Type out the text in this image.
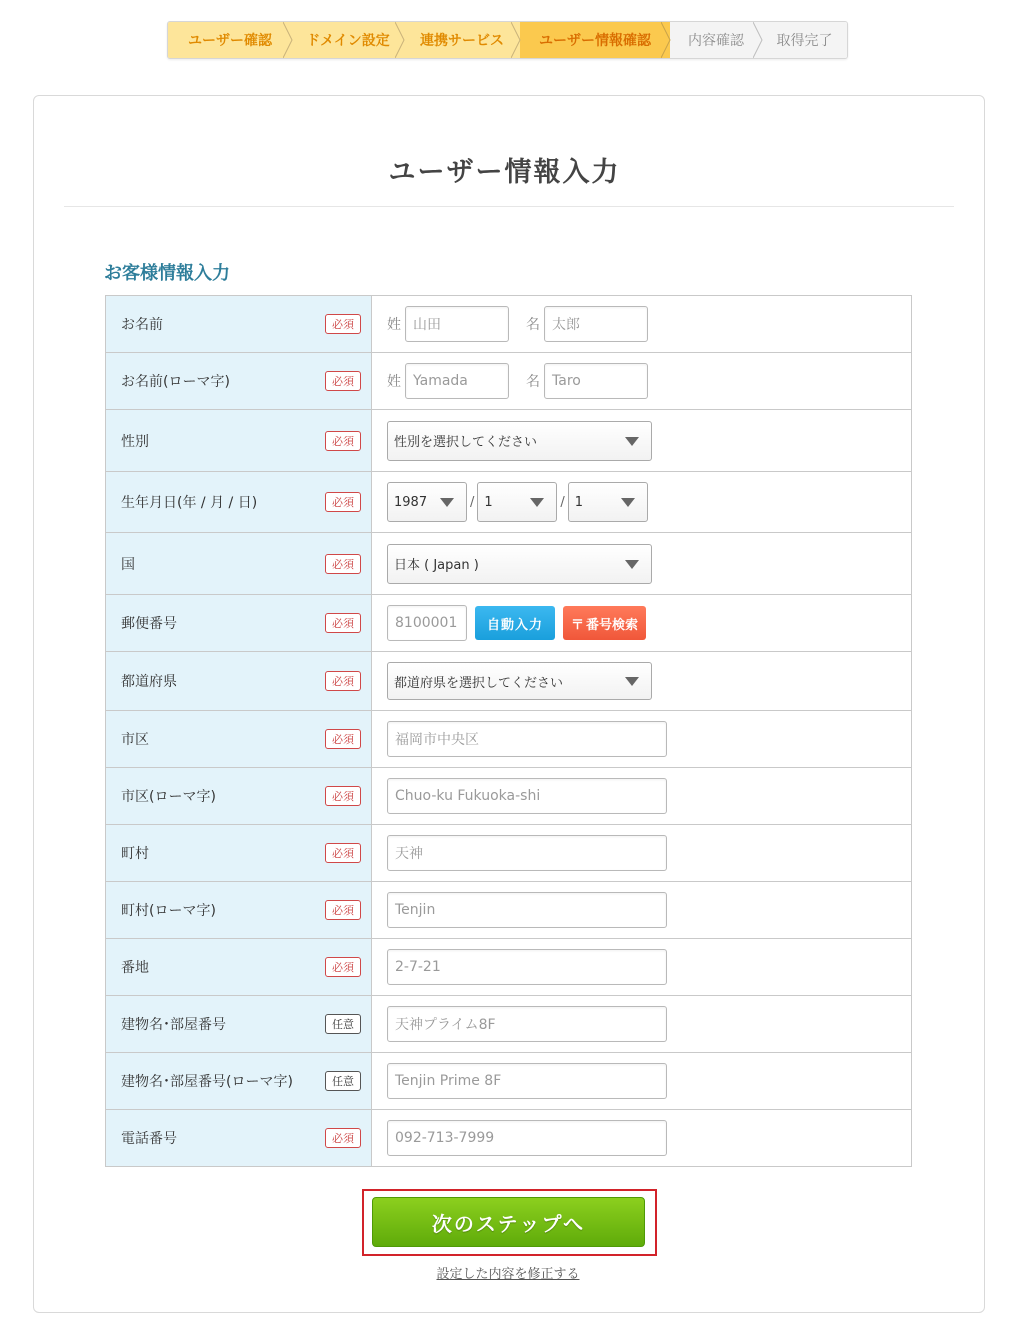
ユーザー確認 ドメイン設定 連携サービス	ユーザー情報確認	内容確認 取得完了
ユーザー情報入力
お客様情報入力
お名前	必須	姓 山田	名 太郎
お名前(ローマ字)	必須	姓 Yamada	名 Taro
性別	必須	性別を選択してください
生年月日(年 / 月 / 日)	必須	1987	/ 1	/ 1
国	必須	日本 ( Japan )
郵便番号	必須	8100001	自動入力	〒 番号検索
都道府県	必須	都道府県を選択してください
市区	必須	福岡市中央区
市区(ローマ字)	必須	Chuo-ku Fukuoka-shi
町村	必須	天神
町村(ローマ字)	必須	Tenjin
番地	必須	2-7-21
建物名･部屋番号	任意	天神プライム8F
建物名･部屋番号(ローマ字)	任意	Tenjin Prime 8F
電話番号	必須	092-713-7999
次のステップへ
設定した内容を修正する
